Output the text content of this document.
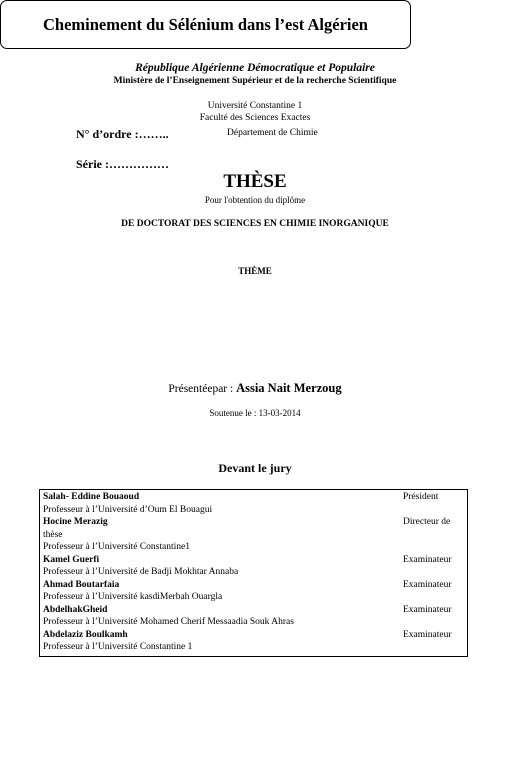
République Algérienne Démocratique et Populaire
Ministère de l’Enseignement Supérieur et de la recherche Scientifique
Université Constantine 1
Faculté des Sciences Exactes
N° d’ordre :……..	Département de Chimie
Série :……………
THÈSE
Pour l'obtention du diplôme
DE DOCTORAT DES SCIENCES EN CHIMIE INORGANIQUE
THÈME
Cheminement du Sélénium dans l’est Algérien
Présentéepar : Assia Nait Merzoug
Soutenue le : 13-03-2014
Devant le jury
Salah- Eddine Bouaoud	Président
Professeur à l’Université d’Oum El Bouagui
Hocine Merazig	Directeur de
thèse
Professeur à l’Université Constantine1
Kamel Guerfi	Examinateur
Professeur à l’Université de Badji Mokhtar Annaba
Ahmad Boutarfaia	Examinateur
Professeur à l’Université kasdiMerbah Ouargla
AbdelhakGheid	Examinateur
Professeur à l’Université Mohamed Cherif Messaadia Souk Ahras
Abdelaziz Boulkamh	Examinateur
Professeur à l’Université Constantine 1
